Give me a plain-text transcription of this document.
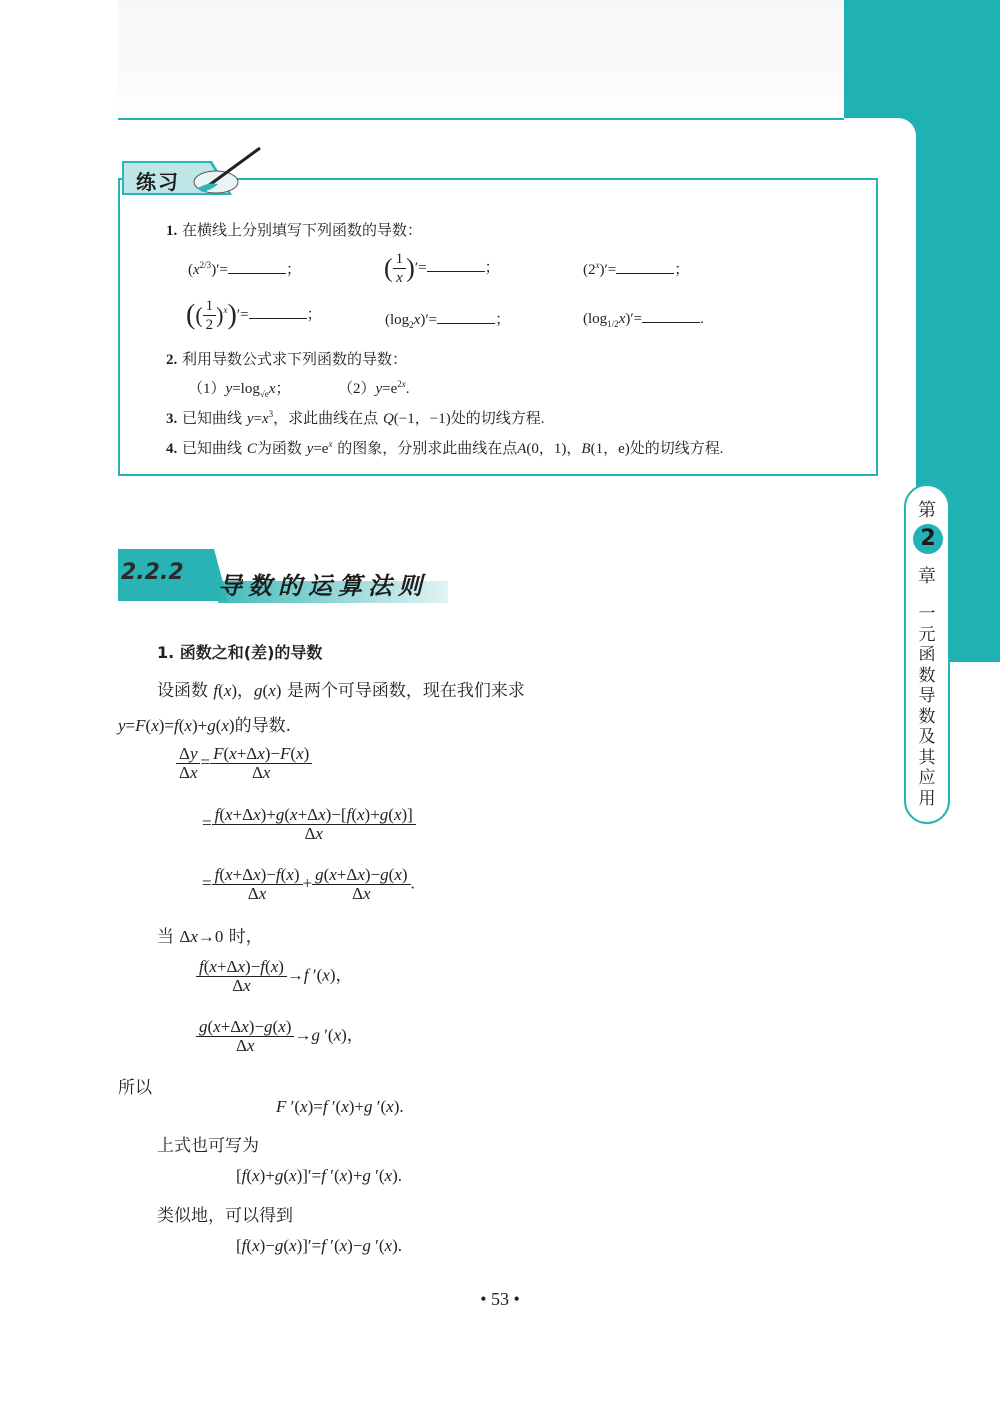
练习
1. 在横线上分别填写下列函数的导数：
$(x^{2/3})'=$	；	( $\frac{1}{x}$ )′=	；	$(2^x)'=$	；
(( $\frac{1}{2} )^x)'=$	；	$(\log_2x)'=$	；	$(\log_{1/2}x)'=$	.
2. 利用导数公式求下列函数的导数：
$(1)y=\log_{√e}x$；	$(2)y=e^{2x}$.
3. 已知曲线 $y=x^3$，求此曲线在点 Q(−1，−1)处的切线方程.
4. 已知曲线 C为函数 $y=e^x$ 的图象，分别求此曲线在点A(0，1)，B(1，e)处的切线方程.
2.2.2 导数的运算法则
1. 函数之和(差)的导数
设函数 f(x)，g(x) 是两个可导函数，现在我们来求
y=F(x)=f(x)+g(x)的导数.
$\frac{\Delta y}{\Delta x} = \frac{F(x+\Delta x)-F(x)}{\Delta x}$
= $\frac{f(x+\Delta x)+g(x+\Delta x)-[f(x)+g(x)]}{\Delta x}$
= $\frac{f(x+\Delta x)-f(x)}{\Delta x} + \frac{g(x+\Delta x)-g(x)}{\Delta x}$ .
当 Δx→0 时，
$\frac{f(x+\Delta x)-f(x)}{\Delta x} \to f$ ′(x)，
$\frac{g(x+\Delta x)-g(x)}{\Delta x} \to g$ ′(x)，
所以
F ′(x)=f ′(x)+g ′(x).
上式也可写为
[f(x)+g(x)]′=f ′(x)+g ′(x).
类似地，可以得到
[f(x)−g(x)]′=f ′(x)−g ′(x).
第
2
章
一
元
函
数
导
数
及
其
应
用
• 53 •
